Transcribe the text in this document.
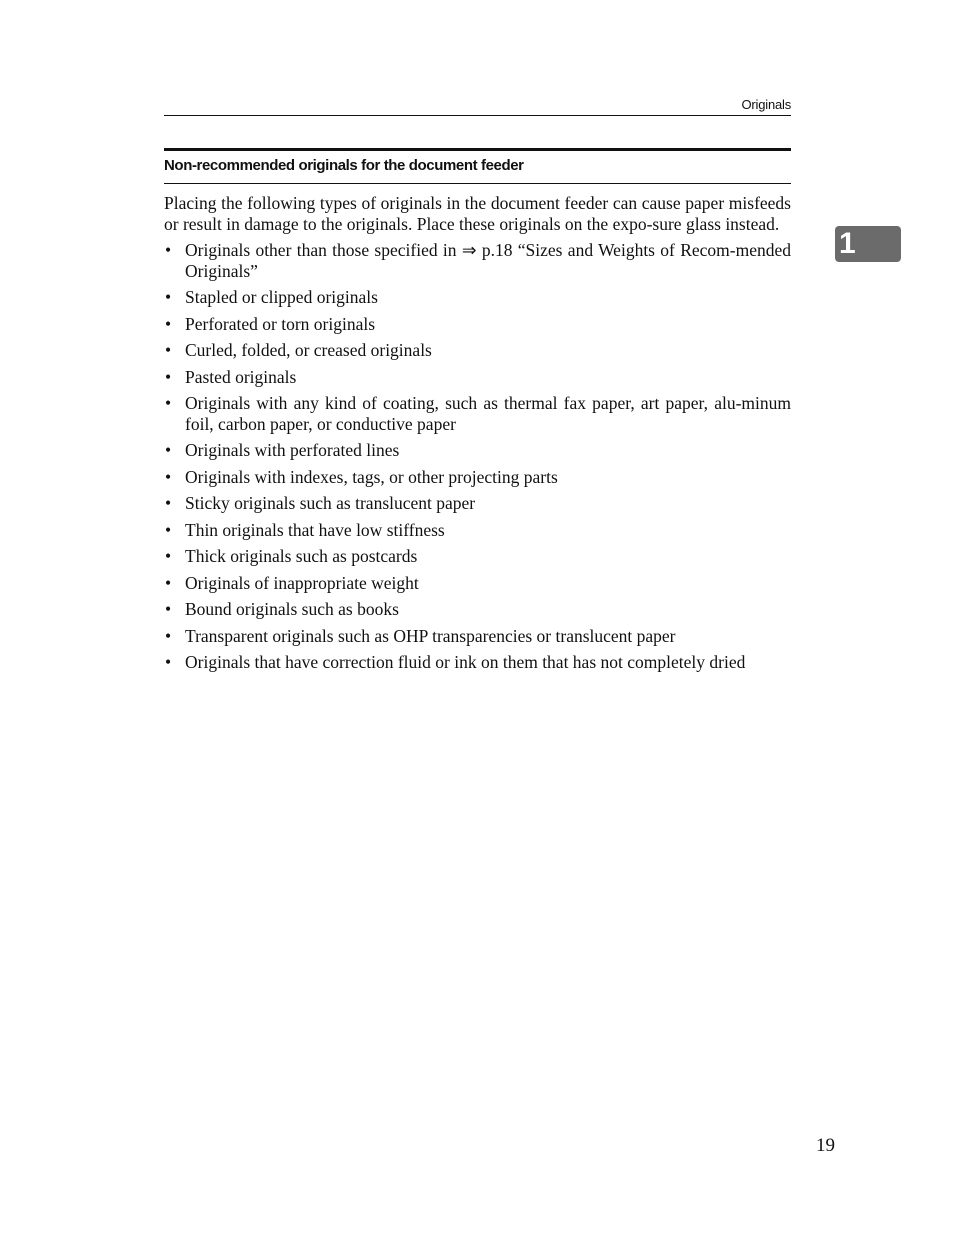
Originals
Non-recommended originals for the document feeder

Placing the following types of originals in the document feeder can cause paper misfeeds or result in damage to the originals. Place these originals on the expo-sure glass instead.

• Originals other than those specified in ⇒ p.18 “Sizes and Weights of Recom-mended Originals”
• Stapled or clipped originals
• Perforated or torn originals
• Curled, folded, or creased originals
• Pasted originals
• Originals with any kind of coating, such as thermal fax paper, art paper, alu-minum foil, carbon paper, or conductive paper
• Originals with perforated lines
• Originals with indexes, tags, or other projecting parts
• Sticky originals such as translucent paper
• Thin originals that have low stiffness
• Thick originals such as postcards
• Originals of inappropriate weight
• Bound originals such as books
• Transparent originals such as OHP transparencies or translucent paper
• Originals that have correction fluid or ink on them that has not completely dried
1
19
